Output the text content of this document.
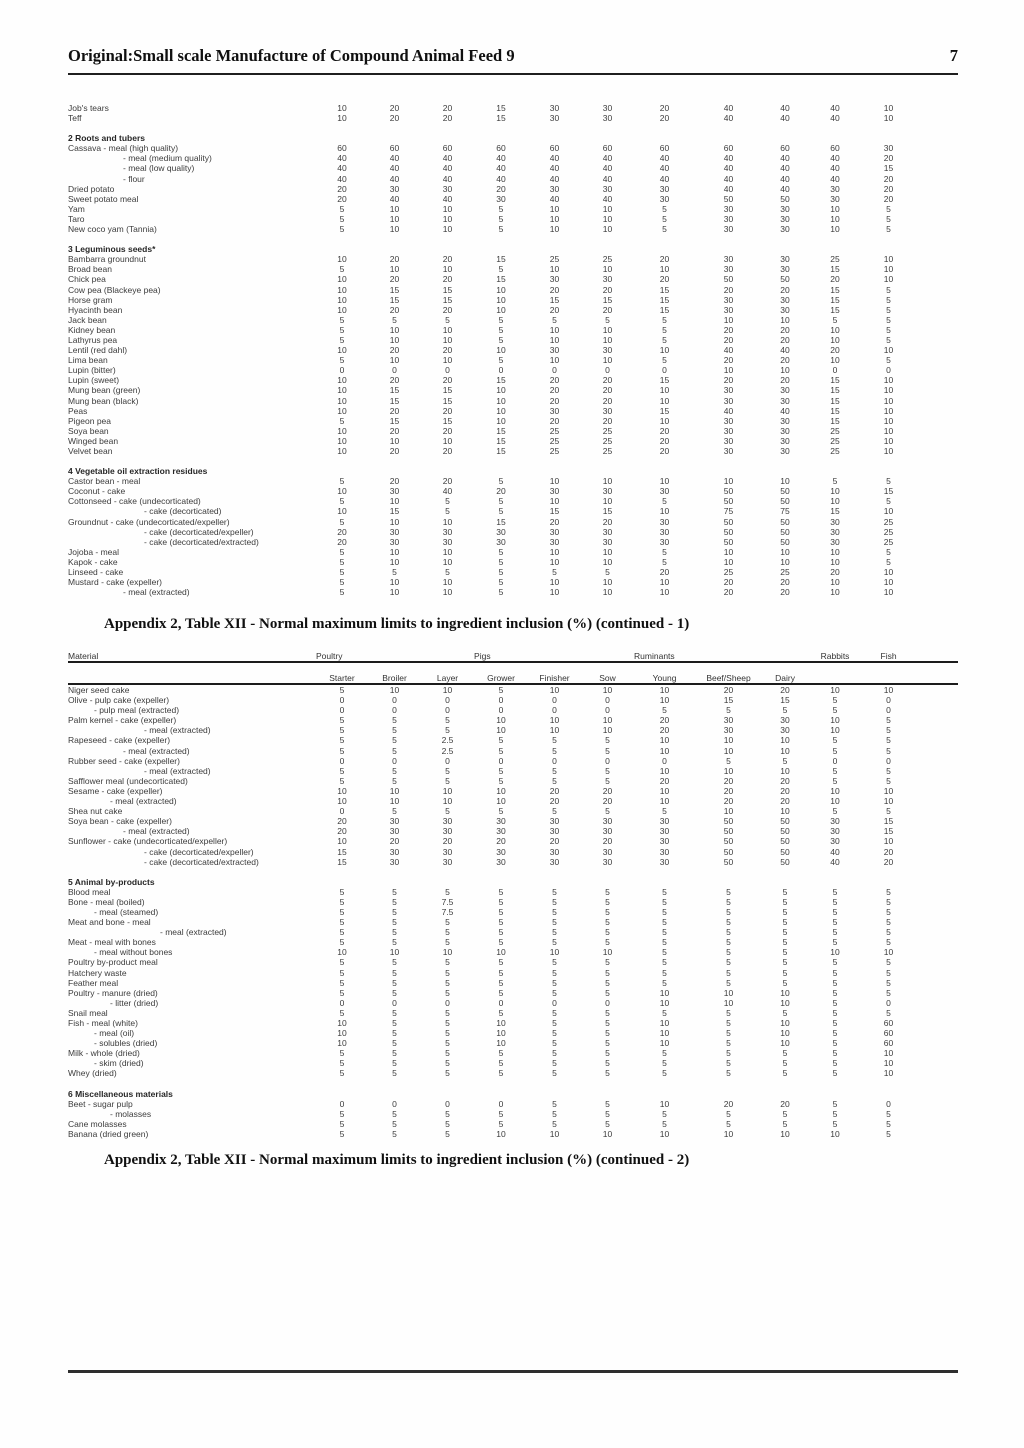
Original:Small scale Manufacture of Compound Animal Feed 9	7
Job's tears	10	20	20	15	30	30	20	40	40	40	10	
Teff	10	20	20	15	30	30	20	40	40	40	10	

2 Roots and tubers												
Cassava - meal (high quality)	60	60	60	60	60	60	60	60	60	60	30	
- meal (medium quality)	40	40	40	40	40	40	40	40	40	40	20	
- meal (low quality)	40	40	40	40	40	40	40	40	40	40	15	
- flour	40	40	40	40	40	40	40	40	40	40	20	
Dried potato	20	30	30	20	30	30	30	40	40	30	20	
Sweet potato meal	20	40	40	30	40	40	30	50	50	30	20	
Yam	5	10	10	5	10	10	5	30	30	10	5	
Taro	5	10	10	5	10	10	5	30	30	10	5	
New coco yam (Tannia)	5	10	10	5	10	10	5	30	30	10	5	

3 Leguminous seeds*												
Bambarra groundnut	10	20	20	15	25	25	20	30	30	25	10	
Broad bean	5	10	10	5	10	10	10	30	30	15	10	
Chick pea	10	20	20	15	30	30	20	50	50	20	10	
Cow pea (Blackeye pea)	10	15	15	10	20	20	15	20	20	15	5	
Horse gram	10	15	15	10	15	15	15	30	30	15	5	
Hyacinth bean	10	20	20	10	20	20	15	30	30	15	5	
Jack bean	5	5	5	5	5	5	5	10	10	5	5	
Kidney bean	5	10	10	5	10	10	5	20	20	10	5	
Lathyrus pea	5	10	10	5	10	10	5	20	20	10	5	
Lentil (red dahl)	10	20	20	10	30	30	10	40	40	20	10	
Lima bean	5	10	10	5	10	10	5	20	20	10	5	
Lupin (bitter)	0	0	0	0	0	0	0	10	10	0	0	
Lupin (sweet)	10	20	20	15	20	20	15	20	20	15	10	
Mung bean (green)	10	15	15	10	20	20	10	30	30	15	10	
Mung bean (black)	10	15	15	10	20	20	10	30	30	15	10	
Peas	10	20	20	10	30	30	15	40	40	15	10	
Pigeon pea	5	15	15	10	20	20	10	30	30	15	10	
Soya bean	10	20	20	15	25	25	20	30	30	25	10	
Winged bean	10	10	10	15	25	25	20	30	30	25	10	
Velvet bean	10	20	20	15	25	25	20	30	30	25	10	

4 Vegetable oil extraction residues												
Castor bean - meal	5	20	20	5	10	10	10	10	10	5	5	
Coconut - cake	10	30	40	20	30	30	30	50	50	10	15	
Cottonseed - cake (undecorticated)	5	10	5	5	10	10	5	50	50	10	5	
- cake (decorticated)	10	15	5	5	15	15	10	75	75	15	10	
Groundnut - cake (undecorticated/expeller)	5	10	10	15	20	20	30	50	50	30	25	
- cake (decorticated/expeller)	20	30	30	30	30	30	30	50	50	30	25	
- cake (decorticated/extracted)	20	30	30	30	30	30	30	50	50	30	25	
Jojoba - meal	5	10	10	5	10	10	5	10	10	10	5	
Kapok - cake	5	10	10	5	10	10	5	10	10	10	5	
Linseed - cake	5	5	5	5	5	5	20	25	25	20	10	
Mustard - cake (expeller)	5	10	10	5	10	10	10	20	20	10	10	
- meal (extracted)	5	10	10	5	10	10	10	20	20	10	10	
Appendix 2, Table XII - Normal maximum limits to ingredient inclusion (%) (continued - 1)
Material	Poultry			Pigs			Ruminants			Rabbits	Fish	
	Starter	Broiler	Layer	Grower	Finisher	Sow	Young	Beef/Sheep	Dairy			
Niger seed cake	5	10	10	5	10	10	10	20	20	10	10	
Olive - pulp cake (expeller)	0	0	0	0	0	0	10	15	15	5	0	
- pulp meal (extracted)	0	0	0	0	0	0	5	5	5	5	0	
Palm kernel - cake (expeller)	5	5	5	10	10	10	20	30	30	10	5	
- meal (extracted)	5	5	5	10	10	10	20	30	30	10	5	
Rapeseed - cake (expeller)	5	5	2.5	5	5	5	10	10	10	5	5	
- meal (extracted)	5	5	2.5	5	5	5	10	10	10	5	5	
Rubber seed - cake (expeller)	0	0	0	0	0	0	0	5	5	0	0	
- meal (extracted)	5	5	5	5	5	5	10	10	10	5	5	
Safflower meal (undecorticated)	5	5	5	5	5	5	20	20	20	5	5	
Sesame - cake (expeller)	10	10	10	10	20	20	10	20	20	10	10	
- meal (extracted)	10	10	10	10	20	20	10	20	20	10	10	
Shea nut cake	0	5	5	5	5	5	5	10	10	5	5	
Soya bean - cake (expeller)	20	30	30	30	30	30	30	50	50	30	15	
- meal (extracted)	20	30	30	30	30	30	30	50	50	30	15	
Sunflower - cake (undecorticated/expeller)	10	20	20	20	20	20	30	50	50	30	10	
- cake (decorticated/expeller)	15	30	30	30	30	30	30	50	50	40	20	
- cake (decorticated/extracted)	15	30	30	30	30	30	30	50	50	40	20	

5 Animal by-products												
Blood meal	5	5	5	5	5	5	5	5	5	5	5	
Bone - meal (boiled)	5	5	7.5	5	5	5	5	5	5	5	5	
- meal (steamed)	5	5	7.5	5	5	5	5	5	5	5	5	
Meat and bone - meal	5	5	5	5	5	5	5	5	5	5	5	
- meal (extracted)	5	5	5	5	5	5	5	5	5	5	5	
Meat - meal with bones	5	5	5	5	5	5	5	5	5	5	5	
- meal without bones	10	10	10	10	10	10	5	5	5	10	10	
Poultry by-product meal	5	5	5	5	5	5	5	5	5	5	5	
Hatchery waste	5	5	5	5	5	5	5	5	5	5	5	
Feather meal	5	5	5	5	5	5	5	5	5	5	5	
Poultry - manure (dried)	5	5	5	5	5	5	10	10	10	5	5	
- litter (dried)	0	0	0	0	0	0	10	10	10	5	0	
Snail meal	5	5	5	5	5	5	5	5	5	5	5	
Fish - meal (white)	10	5	5	10	5	5	10	5	10	5	60	
- meal (oil)	10	5	5	10	5	5	10	5	10	5	60	
- solubles (dried)	10	5	5	10	5	5	10	5	10	5	60	
Milk - whole (dried)	5	5	5	5	5	5	5	5	5	5	10	
- skim (dried)	5	5	5	5	5	5	5	5	5	5	10	
Whey (dried)	5	5	5	5	5	5	5	5	5	5	10	

6 Miscellaneous materials												
Beet - sugar pulp	0	0	0	0	5	5	10	20	20	5	0	
- molasses	5	5	5	5	5	5	5	5	5	5	5	
Cane molasses	5	5	5	5	5	5	5	5	5	5	5	
Banana (dried green)	5	5	5	10	10	10	10	10	10	10	5	
Appendix 2, Table XII - Normal maximum limits to ingredient inclusion (%) (continued - 2)
